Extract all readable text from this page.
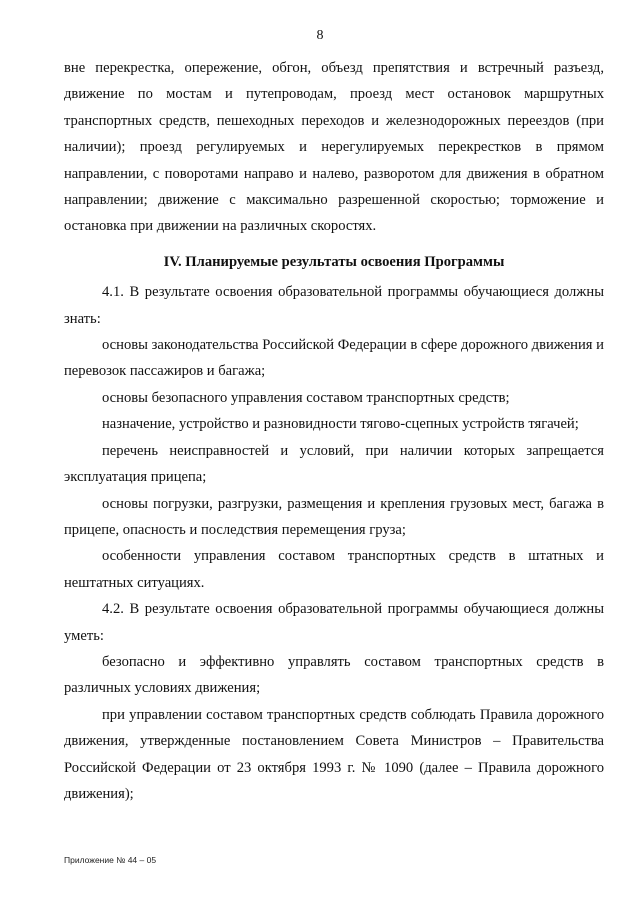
8

вне перекрестка, опережение, обгон, объезд препятствия и встречный разъезд, движение по мостам и путепроводам, проезд мест остановок маршрутных транспортных средств, пешеходных переходов и железнодорожных переездов (при наличии); проезд регулируемых и нерегулируемых перекрестков в прямом направлении, с поворотами направо и налево, разворотом для движения в обратном направлении; движение с максимально разрешенной скоростью; торможение и остановка при движении на различных скоростях.

IV. Планируемые результаты освоения Программы

4.1. В результате освоения образовательной программы обучающиеся должны знать:

основы законодательства Российской Федерации в сфере дорожного движения и перевозок пассажиров и багажа;

основы безопасного управления составом транспортных средств;

назначение, устройство и разновидности тягово-сцепных устройств тягачей;

перечень неисправностей и условий, при наличии которых запрещается эксплуатация прицепа;

основы погрузки, разгрузки, размещения и крепления грузовых мест, багажа в прицепе, опасность и последствия перемещения груза;

особенности управления составом транспортных средств в штатных и нештатных ситуациях.

4.2. В результате освоения образовательной программы обучающиеся должны уметь:

безопасно и эффективно управлять составом транспортных средств в различных условиях движения;

при управлении составом транспортных средств соблюдать Правила дорожного движения, утвержденные постановлением Совета Министров – Правительства Российской Федерации от 23 октября 1993 г. № 1090 (далее – Правила дорожного движения);

Приложение № 44 – 05
